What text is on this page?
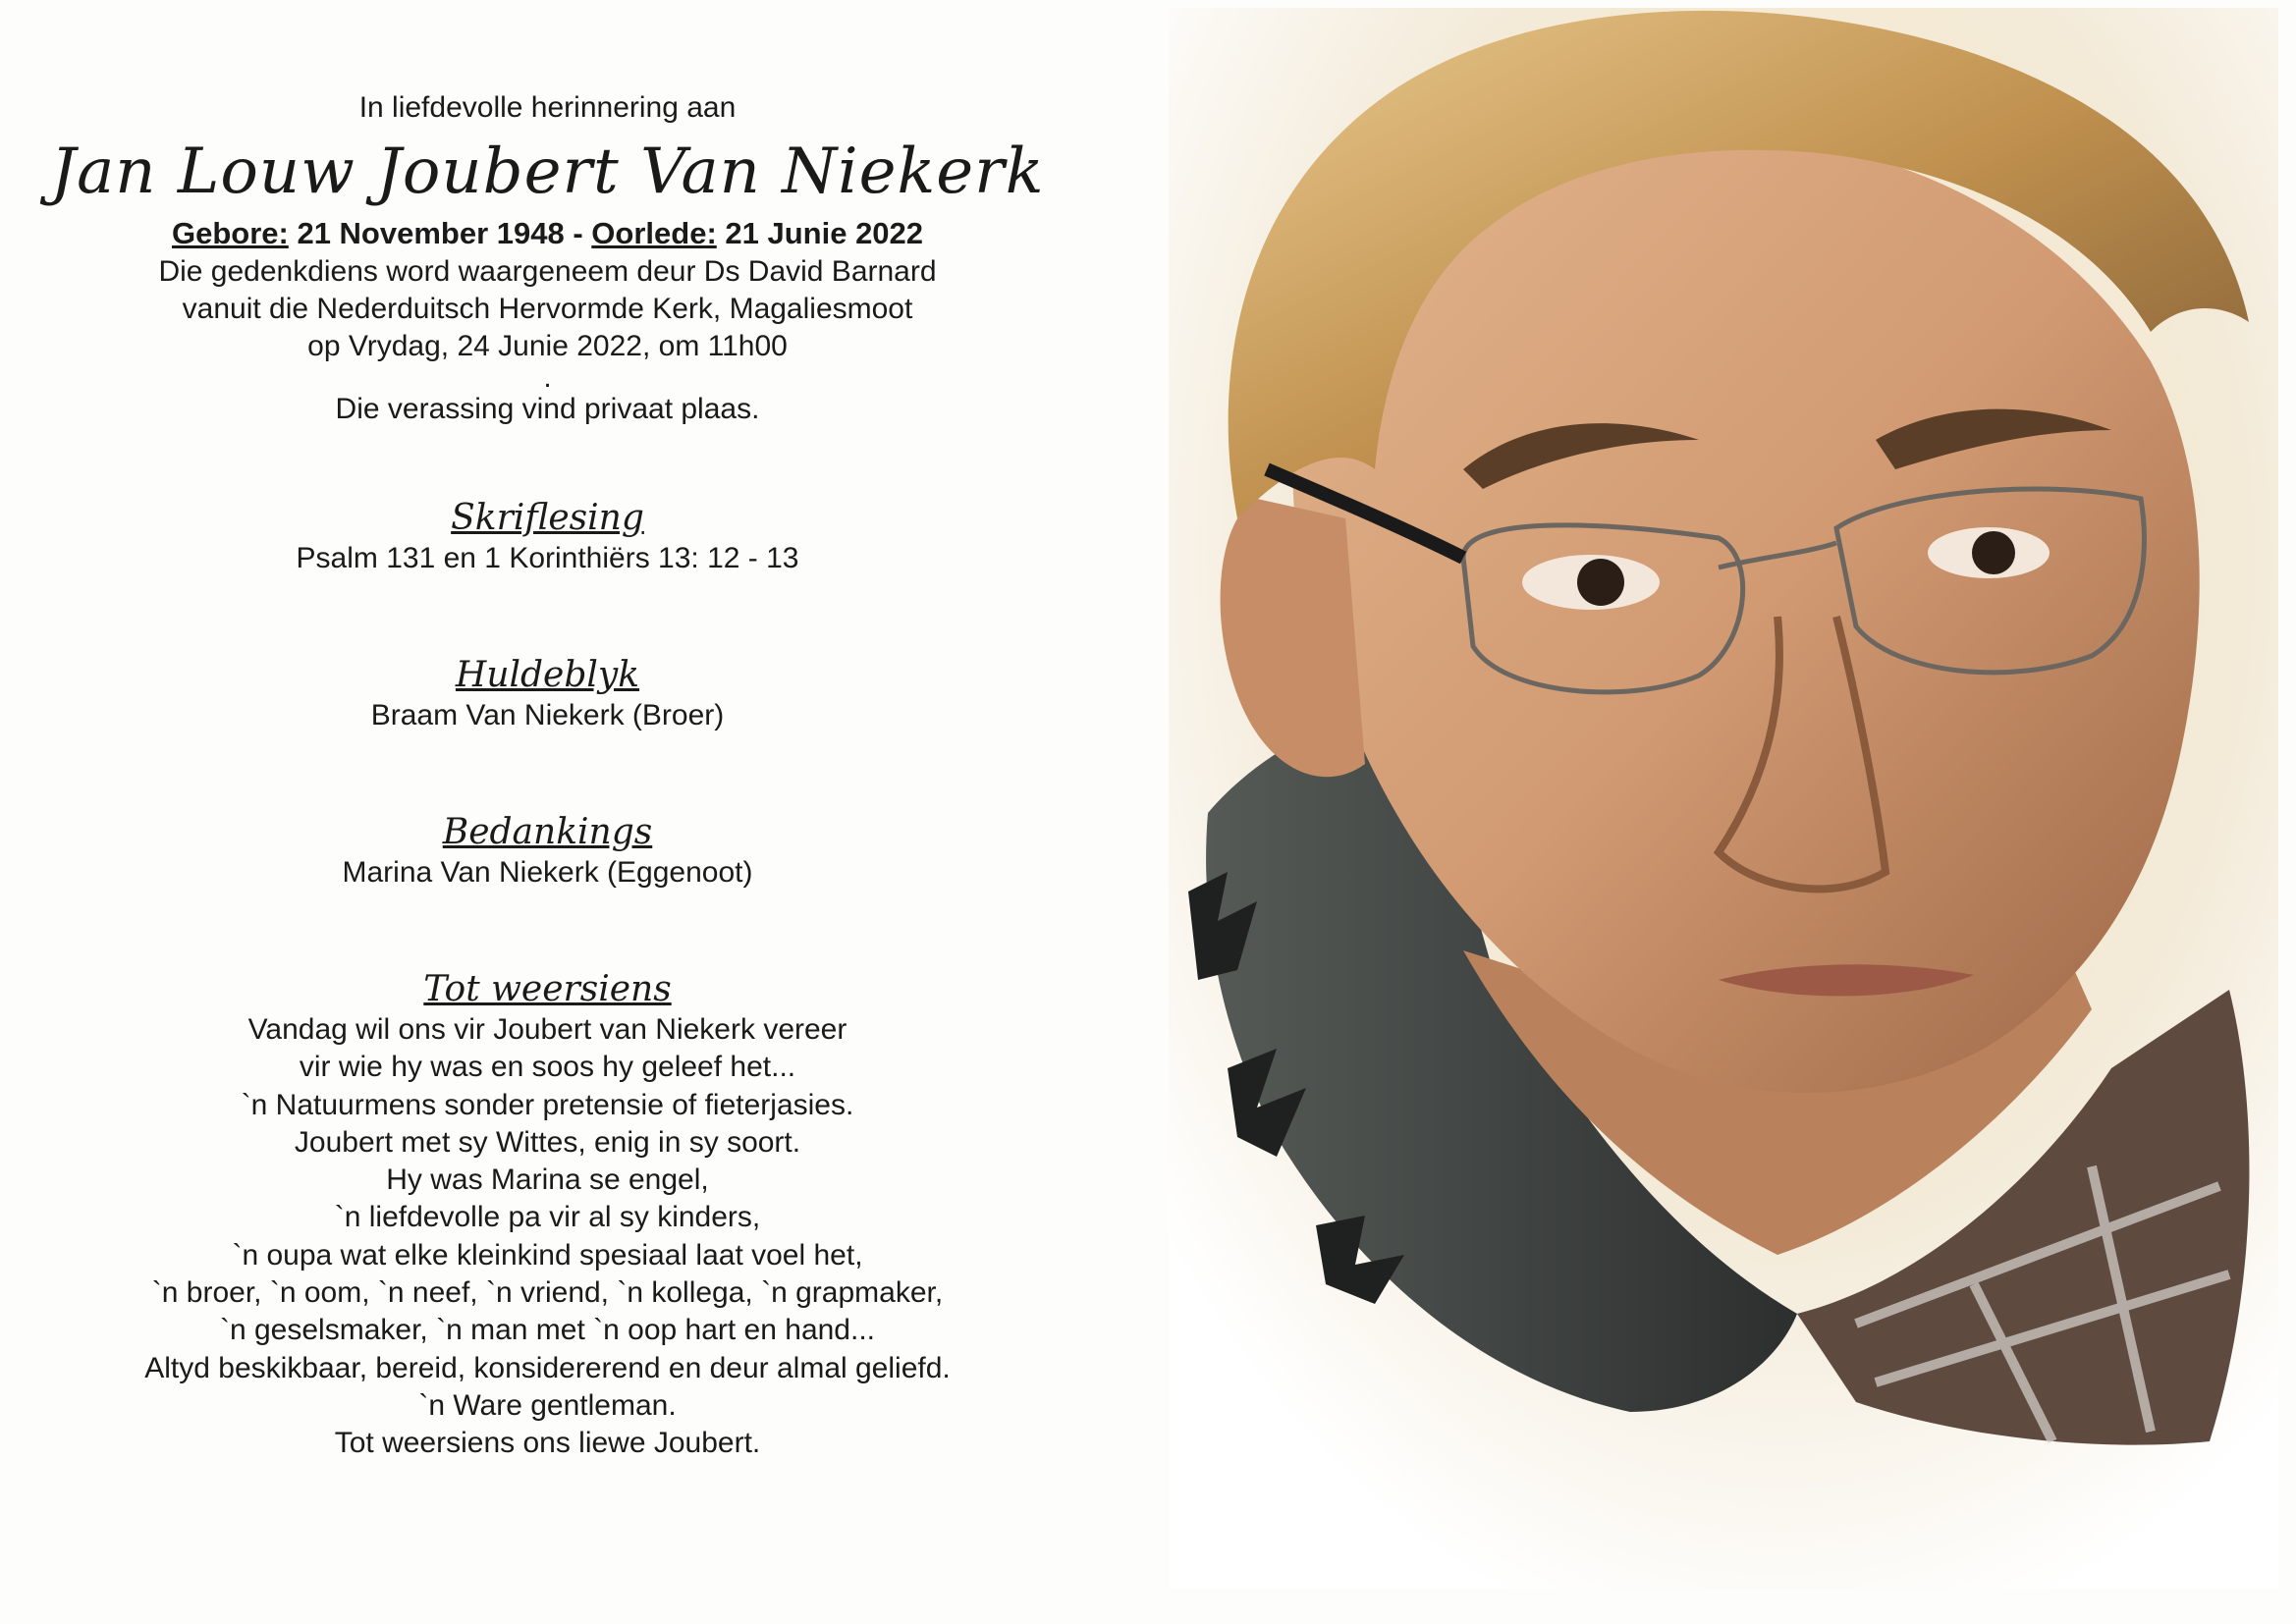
In liefdevolle herinnering aan

Jan Louw Joubert Van Niekerk

Gebore: 21 November 1948 - Oorlede: 21 Junie 2022

Die gedenkdiens word waargeneem deur Ds David Barnard

vanuit die Nederduitsch Hervormde Kerk, Magaliesmoot

op Vrydag, 24 Junie 2022, om 11h00

.

Die verassing vind privaat plaas.

Skriflesing

Psalm 131 en 1 Korinthiërs 13: 12 - 13

Huldeblyk

Braam Van Niekerk (Broer)

Bedankings

Marina Van Niekerk (Eggenoot)

Tot weersiens

Vandag wil ons vir Joubert van Niekerk vereer

vir wie hy was en soos hy geleef het...

`n Natuurmens sonder pretensie of fieterjasies.

Joubert met sy Wittes, enig in sy soort.

Hy was Marina se engel,

`n liefdevolle pa vir al sy kinders,

`n oupa wat elke kleinkind spesiaal laat voel het,

`n broer, `n oom, `n neef, `n vriend, `n kollega, `n grapmaker,

`n geselsmaker, `n man met `n oop hart en hand...

Altyd beskikbaar, bereid, konsidererend en deur almal geliefd.

`n Ware gentleman.

Tot weersiens ons liewe Joubert.
